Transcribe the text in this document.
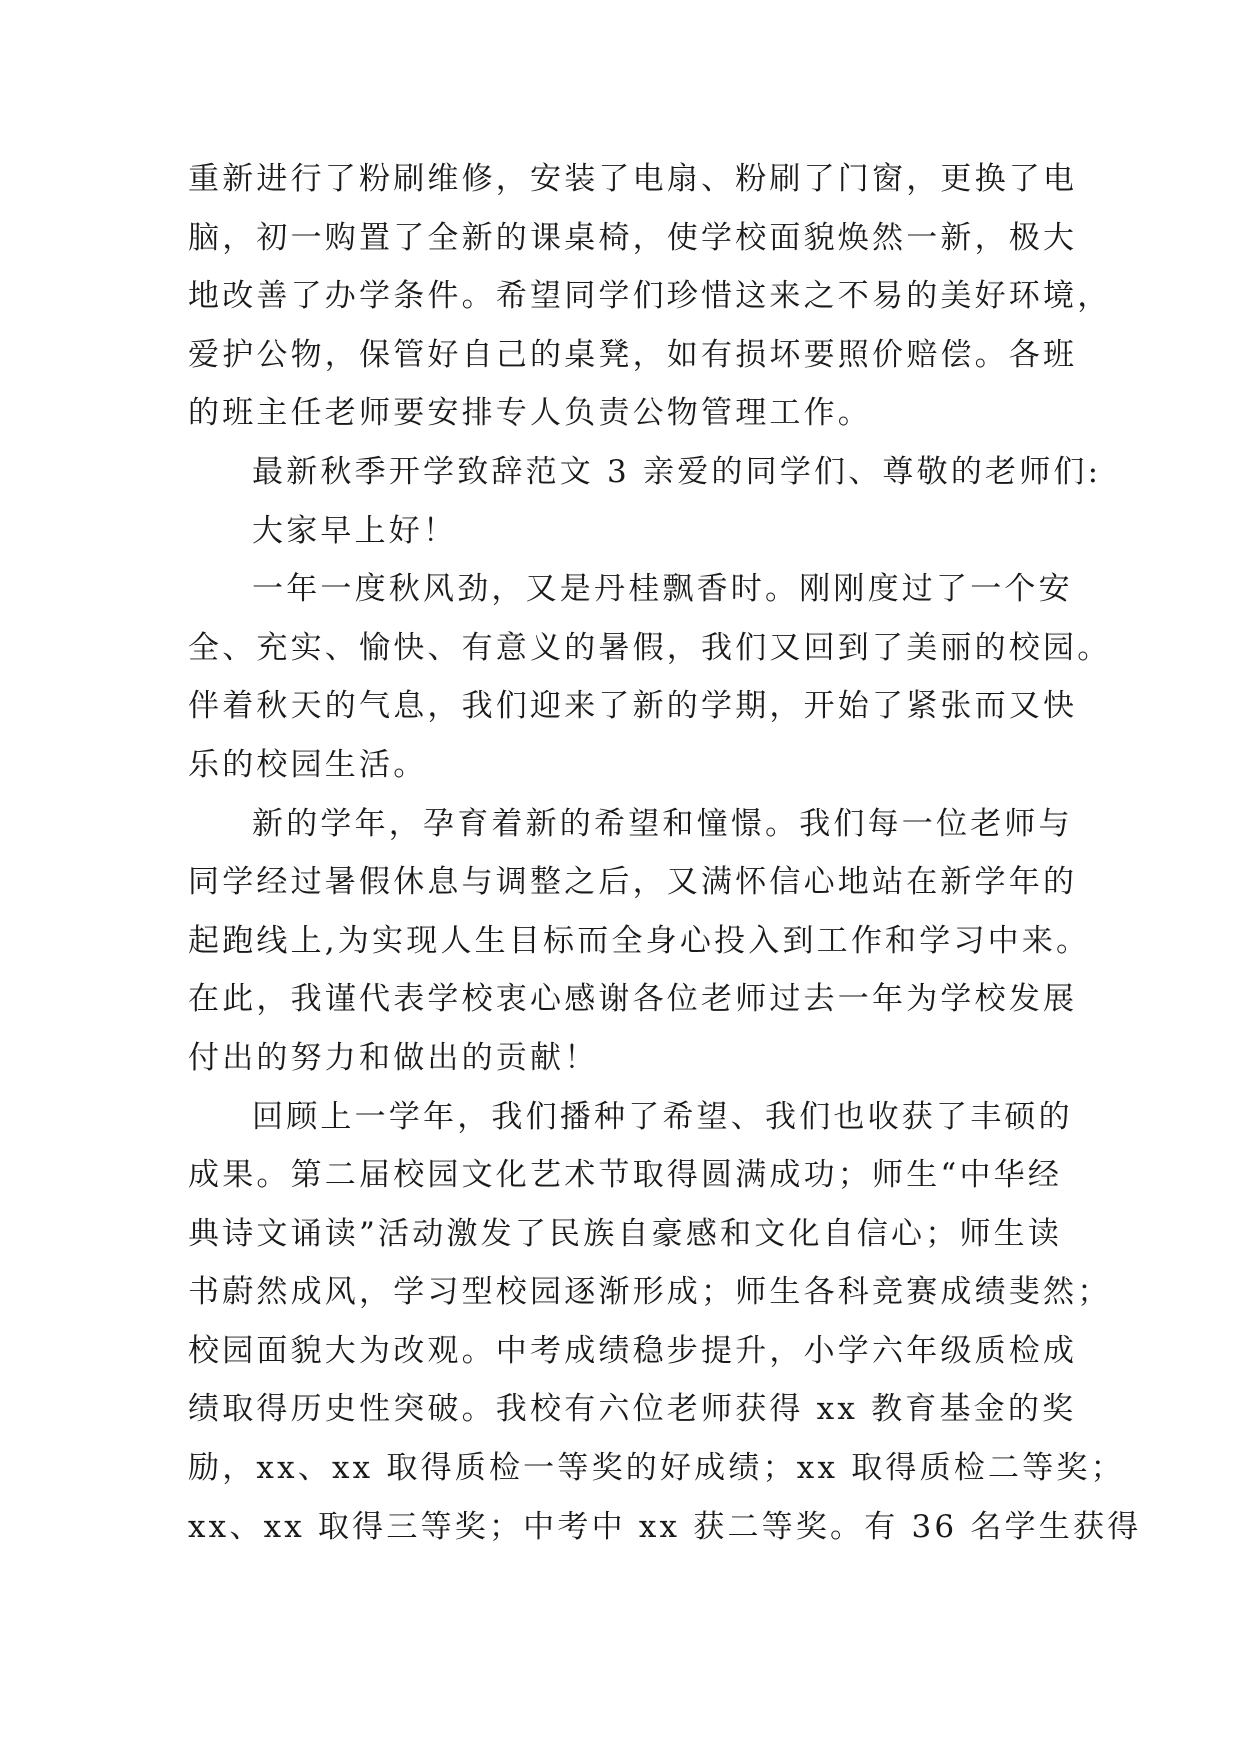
重新进行了粉刷维修，安装了电扇、粉刷了门窗，更换了电
脑，初一购置了全新的课桌椅，使学校面貌焕然一新，极大
地改善了办学条件。希望同学们珍惜这来之不易的美好环境，
爱护公物，保管好自己的桌凳，如有损坏要照价赔偿。各班
的班主任老师要安排专人负责公物管理工作。
最新秋季开学致辞范文 3 亲爱的同学们、尊敬的老师们:
大家早上好！
一年一度秋风劲，又是丹桂飘香时。刚刚度过了一个安
全、充实、愉快、有意义的暑假，我们又回到了美丽的校园。
伴着秋天的气息，我们迎来了新的学期，开始了紧张而又快
乐的校园生活。
新的学年，孕育着新的希望和憧憬。我们每一位老师与
同学经过暑假休息与调整之后，又满怀信心地站在新学年的
起跑线上,为实现人生目标而全身心投入到工作和学习中来。
在此，我谨代表学校衷心感谢各位老师过去一年为学校发展
付出的努力和做出的贡献！
回顾上一学年，我们播种了希望、我们也收获了丰硕的
成果。第二届校园文化艺术节取得圆满成功；师生“中华经
典诗文诵读”活动激发了民族自豪感和文化自信心；师生读
书蔚然成风，学习型校园逐渐形成；师生各科竞赛成绩斐然；
校园面貌大为改观。中考成绩稳步提升，小学六年级质检成
绩取得历史性突破。我校有六位老师获得 xx 教育基金的奖
励，xx、xx 取得质检一等奖的好成绩；xx 取得质检二等奖；
xx、xx 取得三等奖；中考中 xx 获二等奖。有 36 名学生获得
